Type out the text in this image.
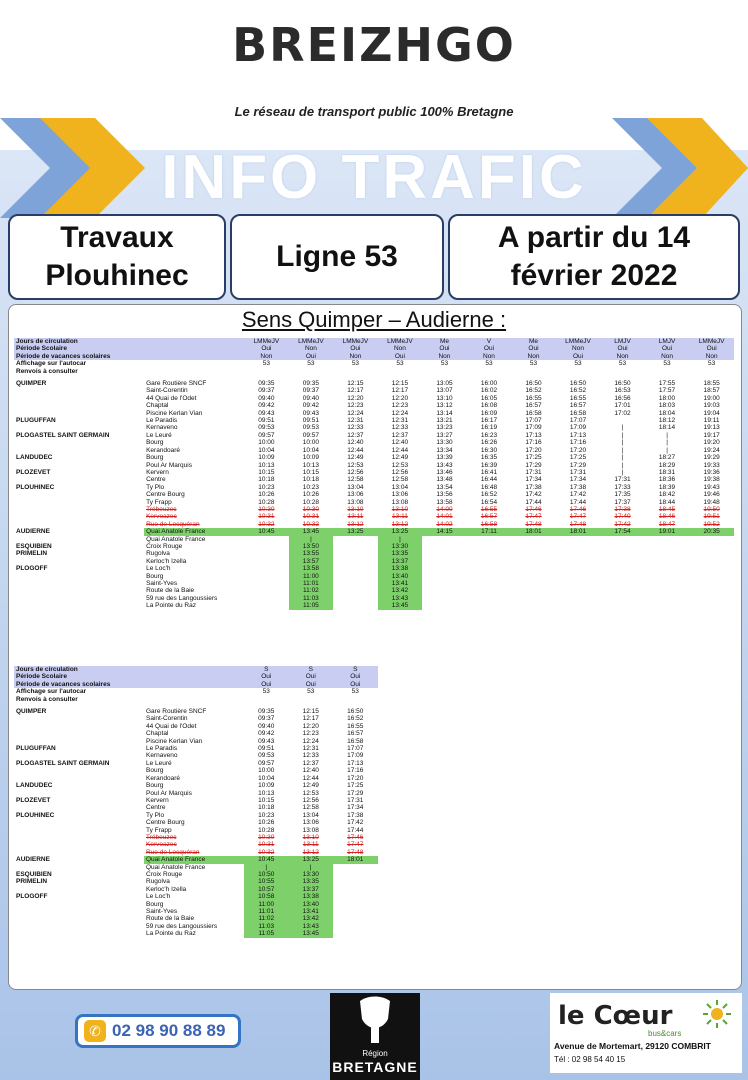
BREIZHGO
Le réseau de transport public 100% Bretagne
INFO TRAFIC
Travaux Plouhinec
Ligne 53
A partir du 14 février 2022
Sens Quimper – Audierne :
Jours de circulation		LMMeJV	LMMeJV	LMMeJV	LMMeJV	Me	V	Me	LMMeJV	LMJV	LMJV	LMMeJV
Période Scolaire		Oui	Non	Oui	Non	Oui	Oui	Oui	Non	Oui	Oui	Oui
Période de vacances scolaires		Non	Oui	Non	Oui	Non	Non	Non	Oui	Non	Non	Non
Affichage sur l'autocar		53	53	53	53	53	53	53	53	53	53	53
Renvois à consulter												

QUIMPER	Gare Routière SNCF	09:35	09:35	12:15	12:15	13:05	16:00	16:50	16:50	16:50	17:55	18:55
	Saint-Corentin	09:37	09:37	12:17	12:17	13:07	16:02	16:52	16:52	16:53	17:57	18:57
	44 Quai de l'Odet	09:40	09:40	12:20	12:20	13:10	16:05	16:55	16:55	16:56	18:00	19:00
	Chaptal	09:42	09:42	12:23	12:23	13:12	16:08	16:57	16:57	17:01	18:03	19:03
	Piscine Kerlan Vian	09:43	09:43	12:24	12:24	13:14	16:09	16:58	16:58	17:02	18:04	19:04
PLUGUFFAN	Le Paradis	09:51	09:51	12:31	12:31	13:21	16:17	17:07	17:07		18:12	19:11
	Kernaveno	09:53	09:53	12:33	12:33	13:23	16:19	17:09	17:09	|	18:14	19:13
PLOGASTEL SAINT GERMAIN	Le Leuré	09:57	09:57	12:37	12:37	13:27	16:23	17:13	17:13	|	|	19:17
	Bourg	10:00	10:00	12:40	12:40	13:30	16:26	17:16	17:16	|	|	19:20
	Kerandoaré	10:04	10:04	12:44	12:44	13:34	16:30	17:20	17:20	|	|	19:24
LANDUDEC	Bourg	10:09	10:09	12:49	12:49	13:39	16:35	17:25	17:25	|	18:27	19:29
	Poul Ar Marquis	10:13	10:13	12:53	12:53	13:43	16:39	17:29	17:29	|	18:29	19:33
PLOZEVET	Kervern	10:15	10:15	12:56	12:56	13:46	16:41	17:31	17:31	|	18:31	19:36
	Centre	10:18	10:18	12:58	12:58	13:48	16:44	17:34	17:34	17:31	18:36	19:38
PLOUHINEC	Ty Plo	10:23	10:23	13:04	13:04	13:54	16:48	17:38	17:38	17:33	18:39	19:43
	Centre Bourg	10:26	10:26	13:06	13:06	13:56	16:52	17:42	17:42	17:35	18:42	19:46
	Ty Frapp	10:28	10:28	13:08	13:08	13:58	16:54	17:44	17:44	17:37	18:44	19:48
	Trébeuzec	10:30	10:30	13:10	13:10	14:00	16:55	17:46	17:46	17:38	18:45	19:50
	Kervoazec	10:31	10:31	13:11	13:11	14:01	16:57	17:47	17:47	17:40	18:46	19:51
	Rue de Locquéran	10:32	10:32	13:12	13:12	14:02	16:58	17:48	17:48	17:42	18:47	19:52
AUDIERNE	Quai Anatole France	10:45	13:45	13:25	13:25	14:15	17:11	18:01	18:01	17:54	19:01	20:35
	Quai Anatole France		|		|							
ESQUIBIEN	Croix Rouge		13:50		13:30							
PRIMELIN	Rugolva		13:55		13:35							
	Kerloc'h Izella		13:57		13:37							
PLOGOFF	Le Loc'h		13:58		13:38							
	Bourg		11:00		13:40							
	Saint-Yves		11:01		13:41							
	Route de la Baie		11:02		13:42							
	59 rue des Langoussiers		11:03		13:43							
	La Pointe du Raz		11:05		13:45							
Jours de circulation		S	S	S
Période Scolaire		Oui	Oui	Oui
Période de vacances scolaires		Oui	Oui	Oui
Affichage sur l'autocar		53	53	53
Renvois à consulter				

QUIMPER	Gare Routière SNCF	09:35	12:15	16:50
	Saint-Corentin	09:37	12:17	16:52
	44 Quai de l'Odet	09:40	12:20	16:55
	Chaptal	09:42	12:23	16:57
	Piscine Kerlan Vian	09:43	12:24	16:58
PLUGUFFAN	Le Paradis	09:51	12:31	17:07
	Kernaveno	09:53	12:33	17:09
PLOGASTEL SAINT GERMAIN	Le Leuré	09:57	12:37	17:13
	Bourg	10:00	12:40	17:16
	Kerandoaré	10:04	12:44	17:20
LANDUDEC	Bourg	10:09	12:49	17:25
	Poul Ar Marquis	10:13	12:53	17:29
PLOZEVET	Kervern	10:15	12:56	17:31
	Centre	10:18	12:58	17:34
PLOUHINEC	Ty Plo	10:23	13:04	17:38
	Centre Bourg	10:26	13:06	17:42
	Ty Frapp	10:28	13:08	17:44
	Trébeuzec	10:30	13:10	17:46
	Kervoazec	10:31	13:11	17:47
	Rue de Locquéran	10:32	13:12	17:48
AUDIERNE	Quai Anatole France	10:45	13:25	18:01
	Quai Anatole France	|	|	
ESQUIBIEN	Croix Rouge	10:50	13:30	
PRIMELIN	Rugolva	10:55	13:35	
	Kerloc'h Izella	10:57	13:37	
PLOGOFF	Le Loc'h	10:58	13:38	
	Bourg	11:00	13:40	
	Saint-Yves	11:01	13:41	
	Route de la Baie	11:02	13:42	
	59 rue des Langoussiers	11:03	13:43	
	La Pointe du Raz	11:05	13:45	
✆ 02 98 90 88 89
Région
BRETAGNE
le Cœur
bus&cars
Avenue de Mortemart, 29120 COMBRIT
Tél : 02 98 54 40 15
